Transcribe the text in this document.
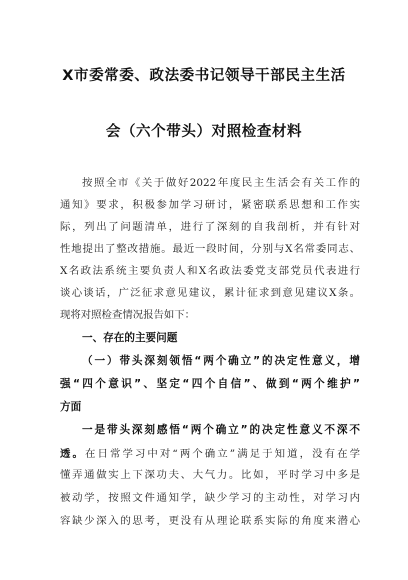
X市委常委、政法委书记领导干部民主生活
会（六个带头）对照检查材料
按照全市《关于做好2022年度民主生活会有关工作的
通知》要求，积极参加学习研讨，紧密联系思想和工作实
际，列出了问题清单，进行了深刻的自我剖析，并有针对
性地提出了整改措施。最近一段时间，分别与X名常委同志、
X名政法系统主要负责人和X名政法委党支部党员代表进行
谈心谈话，广泛征求意见建议，累计征求到意见建议X条。
现将对照检查情况报告如下：
一、存在的主要问题
（一）带头深刻领悟“两个确立”的决定性意义，增
强“四个意识”、坚定“四个自信”、做到“两个维护”
方面
一是带头深刻感悟“两个确立”的决定性意义不深不
透。在日常学习中对“两个确立”满足于知道，没有在学
懂弄通做实上下深功夫、大气力。比如，平时学习中多是
被动学，按照文件通知学，缺少学习的主动性，对学习内
容缺少深入的思考，更没有从理论联系实际的角度来潜心
